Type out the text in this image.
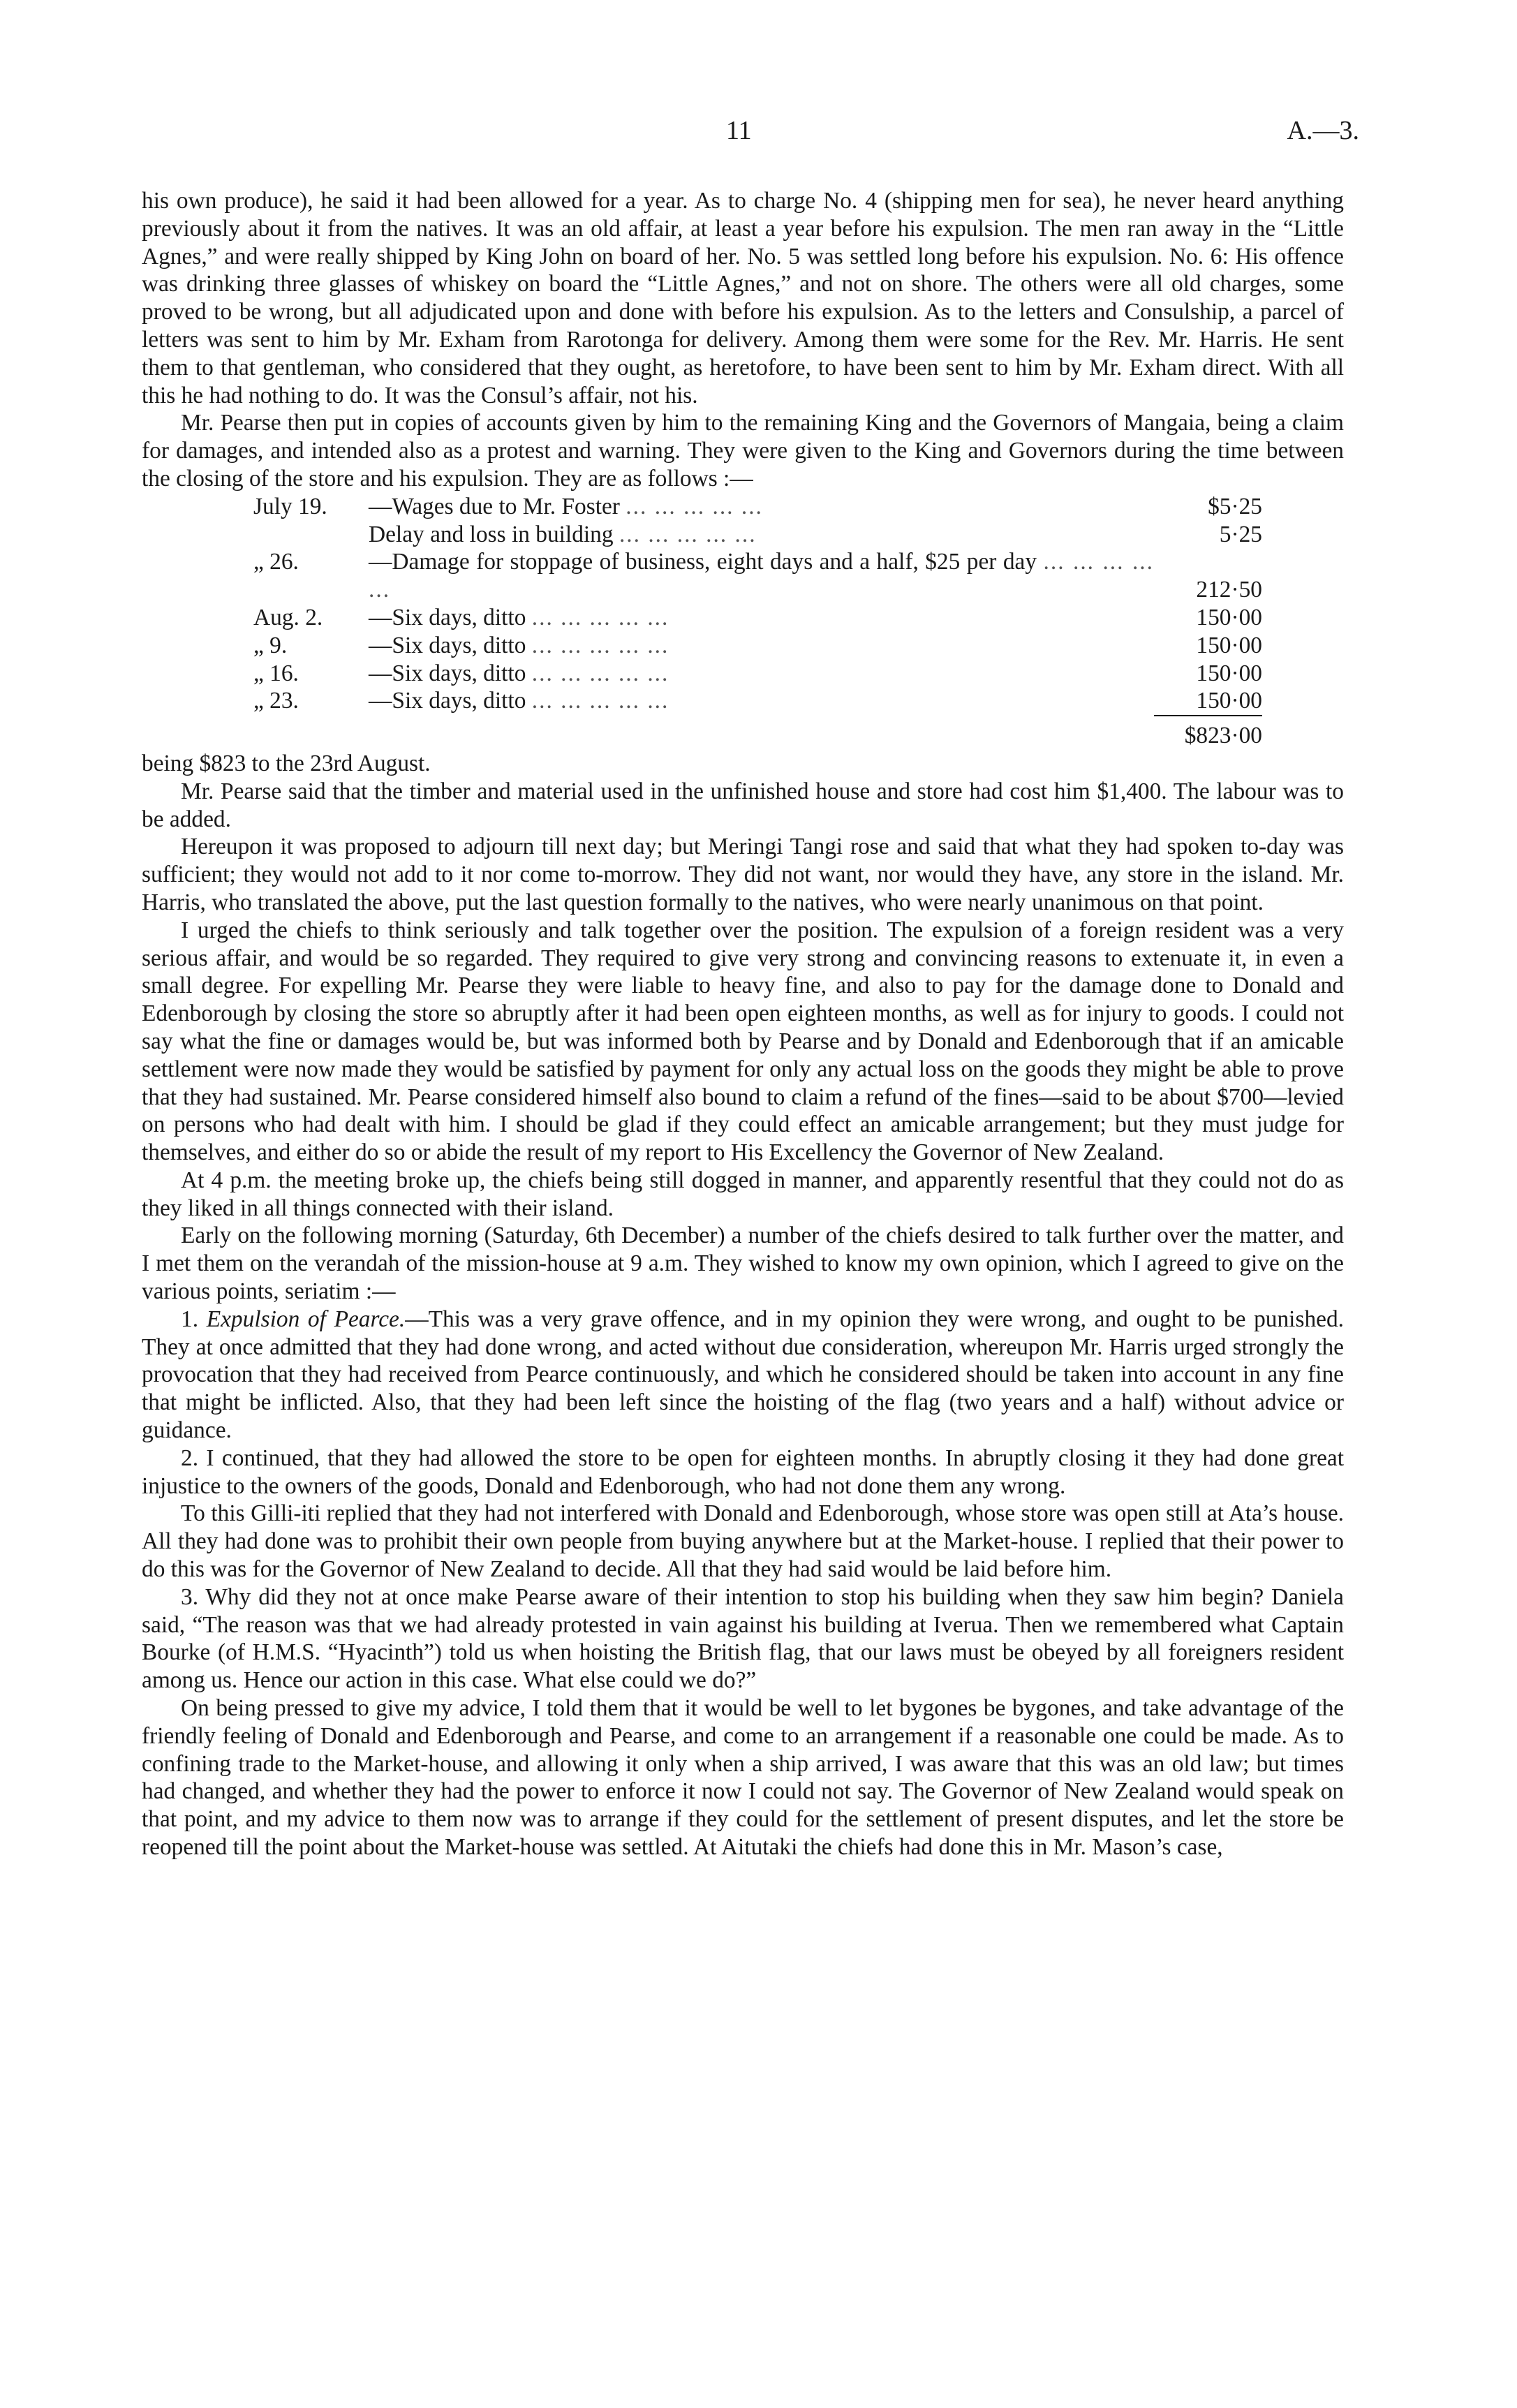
11	A.—3.

his own produce), he said it had been allowed for a year. As to charge No. 4 (shipping men for sea), he never heard anything previously about it from the natives. It was an old affair, at least a year before his expulsion. The men ran away in the “Little Agnes,” and were really shipped by King John on board of her. No. 5 was settled long before his expulsion. No. 6: His offence was drinking three glasses of whiskey on board the “Little Agnes,” and not on shore. The others were all old charges, some proved to be wrong, but all adjudicated upon and done with before his expulsion. As to the letters and Consulship, a parcel of letters was sent to him by Mr. Exham from Rarotonga for delivery. Among them were some for the Rev. Mr. Harris. He sent them to that gentleman, who considered that they ought, as heretofore, to have been sent to him by Mr. Exham direct. With all this he had nothing to do. It was the Consul’s affair, not his.

Mr. Pearse then put in copies of accounts given by him to the remaining King and the Governors of Mangaia, being a claim for damages, and intended also as a protest and warning. They were given to the King and Governors during the time between the closing of the store and his expulsion. They are as follows :—

July 19.	—Wages due to Mr. Foster ... ... ... ... ...	$5·25
	Delay and loss in building ... ... ... ... ...	5·25
„ 26.	—Damage for stoppage of business, eight days and a half, $25 per day ... ... ... ... ...	212·50
Aug. 2.	—Six days, ditto ... ... ... ... ...	150·00
„ 9.	—Six days, ditto ... ... ... ... ...	150·00
„ 16.	—Six days, ditto ... ... ... ... ...	150·00
„ 23.	—Six days, ditto ... ... ... ... ...	150·00
		$823·00

being $823 to the 23rd August.

Mr. Pearse said that the timber and material used in the unfinished house and store had cost him $1,400. The labour was to be added.

Hereupon it was proposed to adjourn till next day; but Meringi Tangi rose and said that what they had spoken to-day was sufficient; they would not add to it nor come to-morrow. They did not want, nor would they have, any store in the island. Mr. Harris, who translated the above, put the last question formally to the natives, who were nearly unanimous on that point.

I urged the chiefs to think seriously and talk together over the position. The expulsion of a foreign resident was a very serious affair, and would be so regarded. They required to give very strong and convincing reasons to extenuate it, in even a small degree. For expelling Mr. Pearse they were liable to heavy fine, and also to pay for the damage done to Donald and Edenborough by closing the store so abruptly after it had been open eighteen months, as well as for injury to goods. I could not say what the fine or damages would be, but was informed both by Pearse and by Donald and Edenborough that if an amicable settlement were now made they would be satisfied by payment for only any actual loss on the goods they might be able to prove that they had sustained. Mr. Pearse considered himself also bound to claim a refund of the fines—said to be about $700—levied on persons who had dealt with him. I should be glad if they could effect an amicable arrangement; but they must judge for themselves, and either do so or abide the result of my report to His Excellency the Governor of New Zealand.

At 4 p.m. the meeting broke up, the chiefs being still dogged in manner, and apparently resentful that they could not do as they liked in all things connected with their island.

Early on the following morning (Saturday, 6th December) a number of the chiefs desired to talk further over the matter, and I met them on the verandah of the mission-house at 9 a.m. They wished to know my own opinion, which I agreed to give on the various points, seriatim :—

1. Expulsion of Pearce.—This was a very grave offence, and in my opinion they were wrong, and ought to be punished. They at once admitted that they had done wrong, and acted without due consideration, whereupon Mr. Harris urged strongly the provocation that they had received from Pearce continuously, and which he considered should be taken into account in any fine that might be inflicted. Also, that they had been left since the hoisting of the flag (two years and a half) without advice or guidance.

2. I continued, that they had allowed the store to be open for eighteen months. In abruptly closing it they had done great injustice to the owners of the goods, Donald and Edenborough, who had not done them any wrong.

To this Gilli-iti replied that they had not interfered with Donald and Edenborough, whose store was open still at Ata’s house. All they had done was to prohibit their own people from buying anywhere but at the Market-house. I replied that their power to do this was for the Governor of New Zealand to decide. All that they had said would be laid before him.

3. Why did they not at once make Pearse aware of their intention to stop his building when they saw him begin? Daniela said, “The reason was that we had already protested in vain against his building at Iverua. Then we remembered what Captain Bourke (of H.M.S. “Hyacinth”) told us when hoisting the British flag, that our laws must be obeyed by all foreigners resident among us. Hence our action in this case. What else could we do?”

On being pressed to give my advice, I told them that it would be well to let bygones be bygones, and take advantage of the friendly feeling of Donald and Edenborough and Pearse, and come to an arrangement if a reasonable one could be made. As to confining trade to the Market-house, and allowing it only when a ship arrived, I was aware that this was an old law; but times had changed, and whether they had the power to enforce it now I could not say. The Governor of New Zealand would speak on that point, and my advice to them now was to arrange if they could for the settlement of present disputes, and let the store be reopened till the point about the Market-house was settled. At Aitutaki the chiefs had done this in Mr. Mason’s case,
